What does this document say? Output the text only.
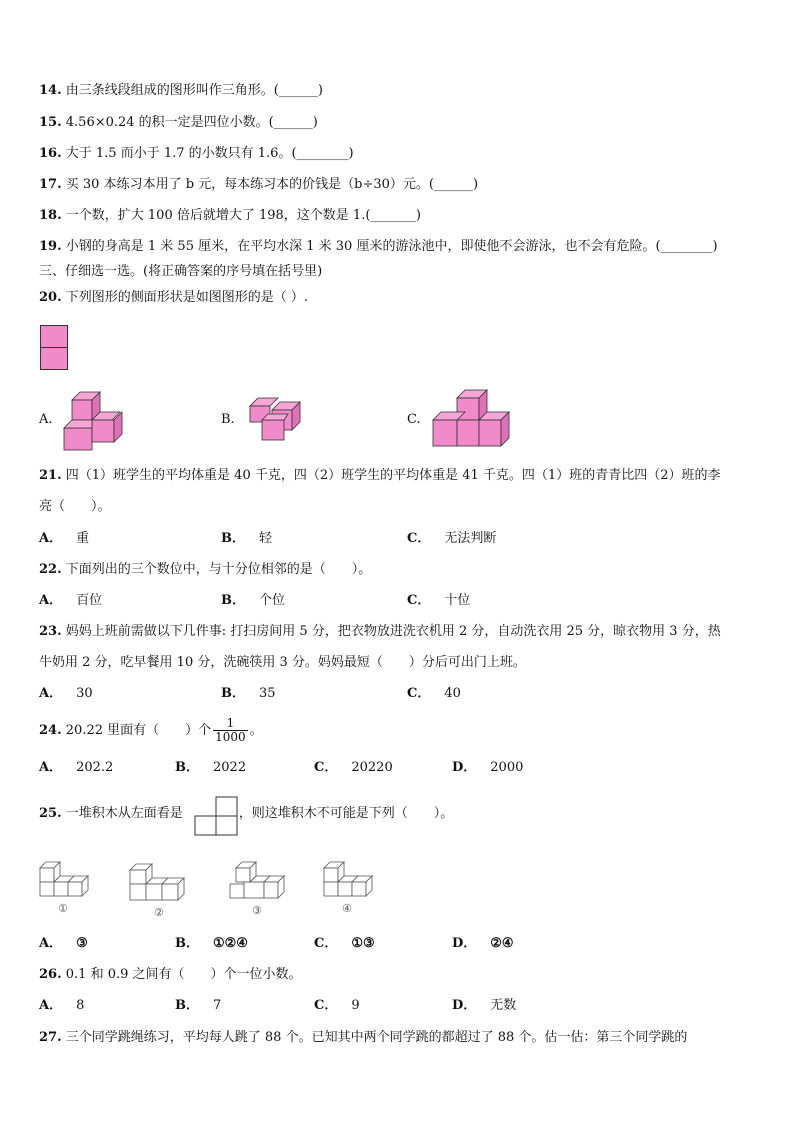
14. 由三条线段组成的图形叫作三角形。(______)
15. 4.56×0.24 的积一定是四位小数。(______)
16. 大于 1.5 而小于 1.7 的小数只有 1.6。(________)
17. 买 30 本练习本用了 b 元，每本练习本的价钱是（b÷30）元。(______)
18. 一个数，扩大 100 倍后就增大了 198，这个数是 1.(_______)
19. 小钢的身高是 1 米 55 厘米，在平均水深 1 米 30 厘米的游泳池中，即使他不会游泳，也不会有危险。(________)
三、仔细选一选。(将正确答案的序号填在括号里)
20. 下列图形的侧面形状是如图图形的是（ ）.
A.	B.	C.
21. 四（1）班学生的平均体重是 40 千克，四（2）班学生的平均体重是 41 千克。四（1）班的青青比四（2）班的李
亮（　　）。
A． 重	B． 轻	C． 无法判断
22. 下面列出的三个数位中，与十分位相邻的是（　　）。
A． 百位	B． 个位	C． 十位
23. 妈妈上班前需做以下几件事: 打扫房间用 5 分，把衣物放进洗衣机用 2 分，自动洗衣用 25 分，晾衣物用 3 分，热
牛奶用 2 分，吃早餐用 10 分，洗碗筷用 3 分。妈妈最短（　　）分后可出门上班。
A． 30	B． 35	C． 40
24. 20.22 里面有（　　）个 $\frac{1}{1000}$ 。
A． 202.2	B． 2022	C． 20220	D． 2000
25. 一堆积木从左面看是	，则这堆积木不可能是下列（　　）。
①	②	③	④
A． ③	B． ①②④	C． ①③	D． ②④
26. 0.1 和 0.9 之间有（　　）个一位小数。
A． 8	B． 7	C． 9	D． 无数
27. 三个同学跳绳练习，平均每人跳了 88 个。已知其中两个同学跳的都超过了 88 个。估一估：第三个同学跳的
